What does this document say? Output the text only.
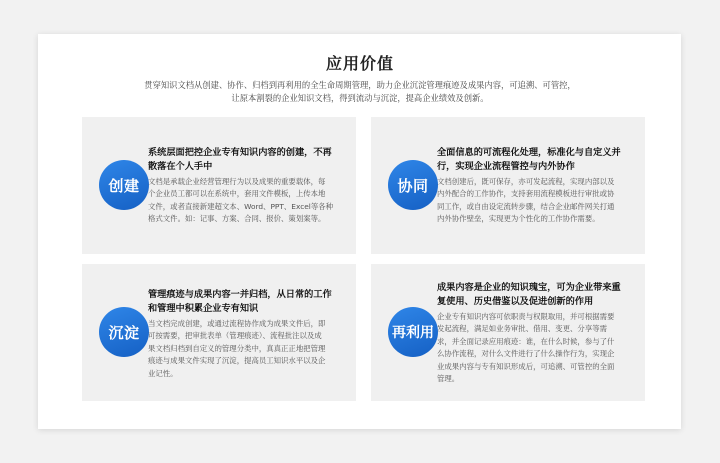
应用价值
贯穿知识文档从创建、协作、归档到再利用的全生命周期管理，助力企业沉淀管理痕迹及成果内容，可追溯、可管控，
让原本割裂的企业知识文档，得到流动与沉淀，提高企业绩效及创新。
创建
系统层面把控企业专有知识内容的创建，不再
散落在个人手中
文档是承载企业经营管理行为以及成果的重要载体，每
个企业员工都可以在系统中，套用文件模板，上传本地
文件，或者直接新建超文本、Word、PPT、Excel等各种
格式文件。如：记事、方案、合同、报价、策划案等。
协同
全面信息的可流程化处理，标准化与自定义并
行，实现企业流程管控与内外协作
文档创建后，既可保存，亦可发起流程，实现内部以及
内外配合的工作协作，支持套用流程模板进行审批或协
同工作，或自由设定流转步骤，结合企业邮件网关打通
内外协作壁垒，实现更为个性化的工作协作需要。
沉淀
管理痕迹与成果内容一并归档，从日常的工作
和管理中积累企业专有知识
当文档完成创建，或通过流程协作成为成果文件后，即
可按需要，把审批表单（管理痕迹）、流程批注以及成
果文档归档到自定义的管理分类中，真真正正地把管理
痕迹与成果文件实现了沉淀，提高员工知识水平以及企
业记性。
再利用
成果内容是企业的知识瑰宝，可为企业带来重
复使用、历史借鉴以及促进创新的作用
企业专有知识内容可依职责与权限取用，并可根据需要
发起流程，满足如业务审批、借用、变更、分享等需
求，并全面记录应用痕迹：谁，在什么时候，参与了什
么协作流程，对什么文件进行了什么操作行为，实现企
业成果内容与专有知识形成后，可追溯、可管控的全面
管理。
